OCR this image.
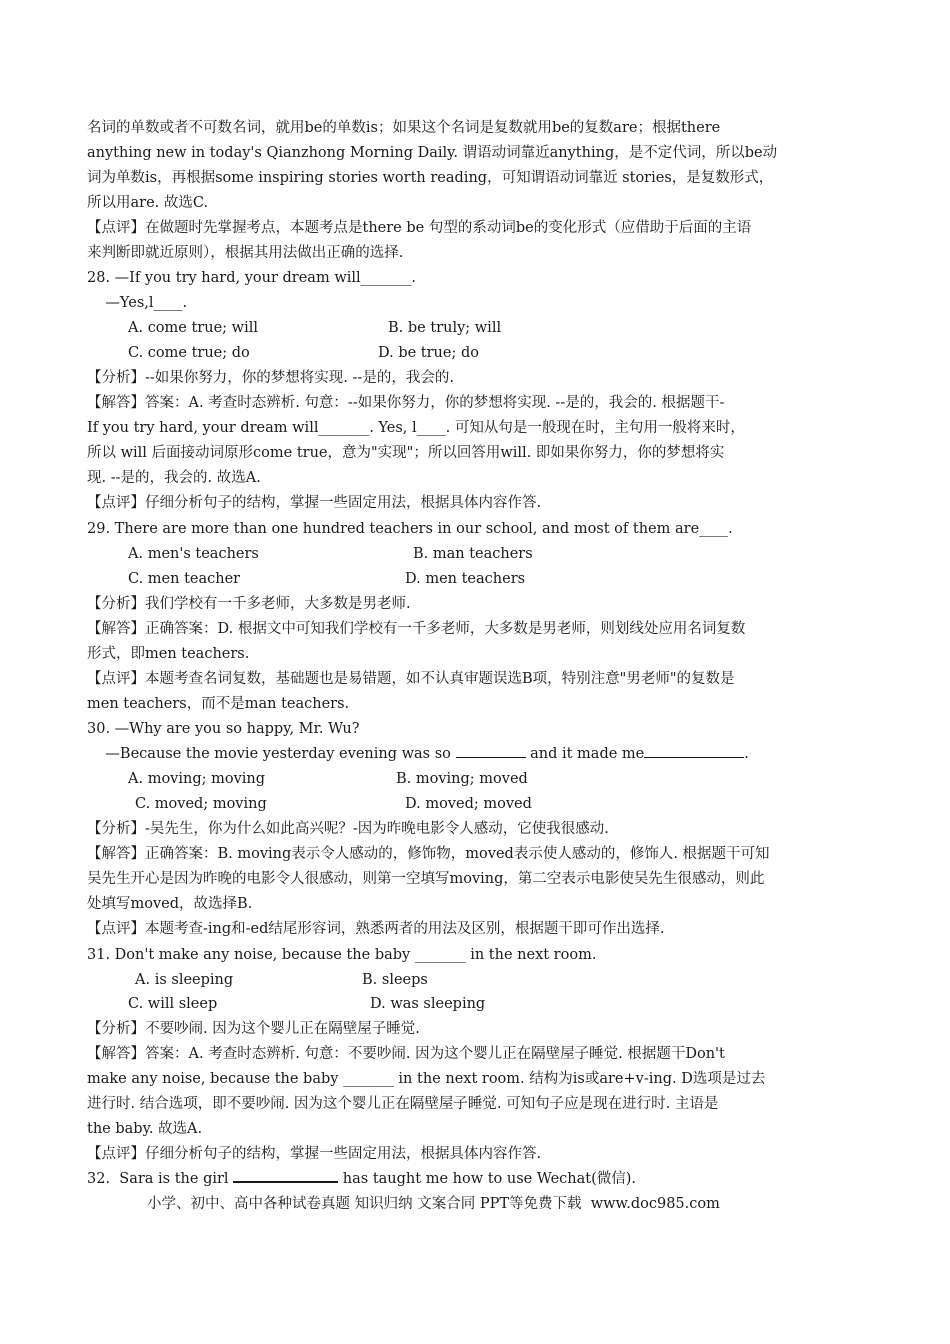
名词的单数或者不可数名词，就用be的单数is；如果这个名词是复数就用be的复数are；根据there
anything new in today's Qianzhong Morning Daily. 谓语动词靠近anything，是不定代词，所以be动
词为单数is，再根据some inspiring stories worth reading，可知谓语动词靠近 stories，是复数形式，
所以用are. 故选C.
【点评】在做题时先掌握考点，本题考点是there be 句型的系动词be的变化形式（应借助于后面的主语
来判断即就近原则），根据其用法做出正确的选择.
28. —If you try hard, your dream will_______.
—Yes,l____.
A. come true; will	B. be truly; will
C. come true; do	D. be true; do
【分析】--如果你努力，你的梦想将实现. --是的，我会的.
【解答】答案：A. 考查时态辨析. 句意：--如果你努力，你的梦想将实现. --是的，我会的. 根据题干-
If you try hard, your dream will_______. Yes, l____. 可知从句是一般现在时，主句用一般将来时，
所以 will 后面接动词原形come true，意为"实现"；所以回答用will. 即如果你努力，你的梦想将实
现. --是的，我会的. 故选A.
【点评】仔细分析句子的结构，掌握一些固定用法，根据具体内容作答.
29. There are more than one hundred teachers in our school, and most of them are____.
A. men's teachers	B. man teachers
C. men teacher	D. men teachers
【分析】我们学校有一千多老师，大多数是男老师.
【解答】正确答案：D. 根据文中可知我们学校有一千多老师，大多数是男老师，则划线处应用名词复数
形式，即men teachers.
【点评】本题考查名词复数，基础题也是易错题，如不认真审题误选B项，特别注意"男老师"的复数是
men teachers，而不是man teachers.
30. —Why are you so happy, Mr. Wu?
—Because the movie yesterday evening was so	and it made me	.
A. moving; moving	B. moving; moved
C. moved; moving	D. moved; moved
【分析】-吴先生，你为什么如此高兴呢？-因为昨晚电影令人感动，它使我很感动.
【解答】正确答案：B. moving表示令人感动的，修饰物，moved表示使人感动的，修饰人. 根据题干可知
吴先生开心是因为昨晚的电影令人很感动，则第一空填写moving，第二空表示电影使吴先生很感动，则此
处填写moved，故选择B.
【点评】本题考查-ing和-ed结尾形容词，熟悉两者的用法及区别，根据题干即可作出选择.
31. Don't make any noise, because the baby _______ in the next room.
A. is sleeping	B. sleeps
C. will sleep	D. was sleeping
【分析】不要吵闹. 因为这个婴儿正在隔壁屋子睡觉.
【解答】答案：A. 考查时态辨析. 句意：不要吵闹. 因为这个婴儿正在隔壁屋子睡觉. 根据题干Don't
make any noise, because the baby _______ in the next room. 结构为is或are+v-ing. D选项是过去
进行时. 结合选项，即不要吵闹. 因为这个婴儿正在隔壁屋子睡觉. 可知句子应是现在进行时. 主语是
the baby. 故选A.
【点评】仔细分析句子的结构，掌握一些固定用法，根据具体内容作答.
32.  Sara is the girl	has taught me how to use Wechat(微信).
小学、初中、高中各种试卷真题 知识归纳 文案合同 PPT等免费下载  www.doc985.com
